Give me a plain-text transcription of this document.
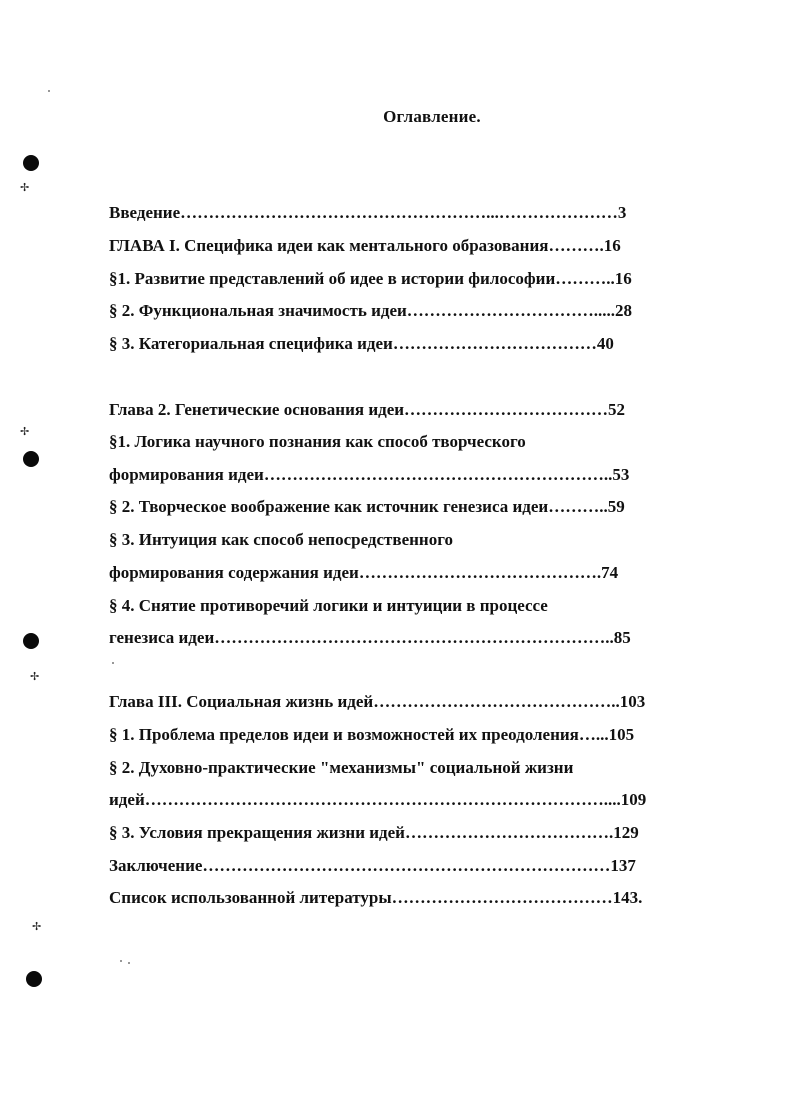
Оглавление.
Введение………………………………………………...…………………3
ГЛАВА I. Специфика идеи как ментального образования……….16
§1. Развитие представлений об идее в истории философии………..16
§ 2. Функциональная значимость идеи…………………………….....28
§ 3. Категориальная специфика идеи………………………………40
Глава 2. Генетические основания идеи………………………………52
§1. Логика научного познания как способ творческого
формирования идеи……………………………………………………..53
§ 2. Творческое воображение как источник генезиса идеи………..59
§ 3. Интуиция как способ непосредственного
формирования содержания идеи…………………………………….74
§ 4. Снятие противоречий логики и интуиции в процессе
генезиса идеи……………………………………………………………..85
Глава III. Социальная жизнь идей……………………………………..103
§ 1. Проблема пределов идеи и возможностей их преодоления…...105
§ 2. Духовно-практические "механизмы" социальной жизни
идей………………………………………………………………………....109
§ 3. Условия прекращения жизни идей……………………………….129
Заключение………………………………………………………………137
Список использованной литературы…………………………………143.
✢
✢
✢
✢
